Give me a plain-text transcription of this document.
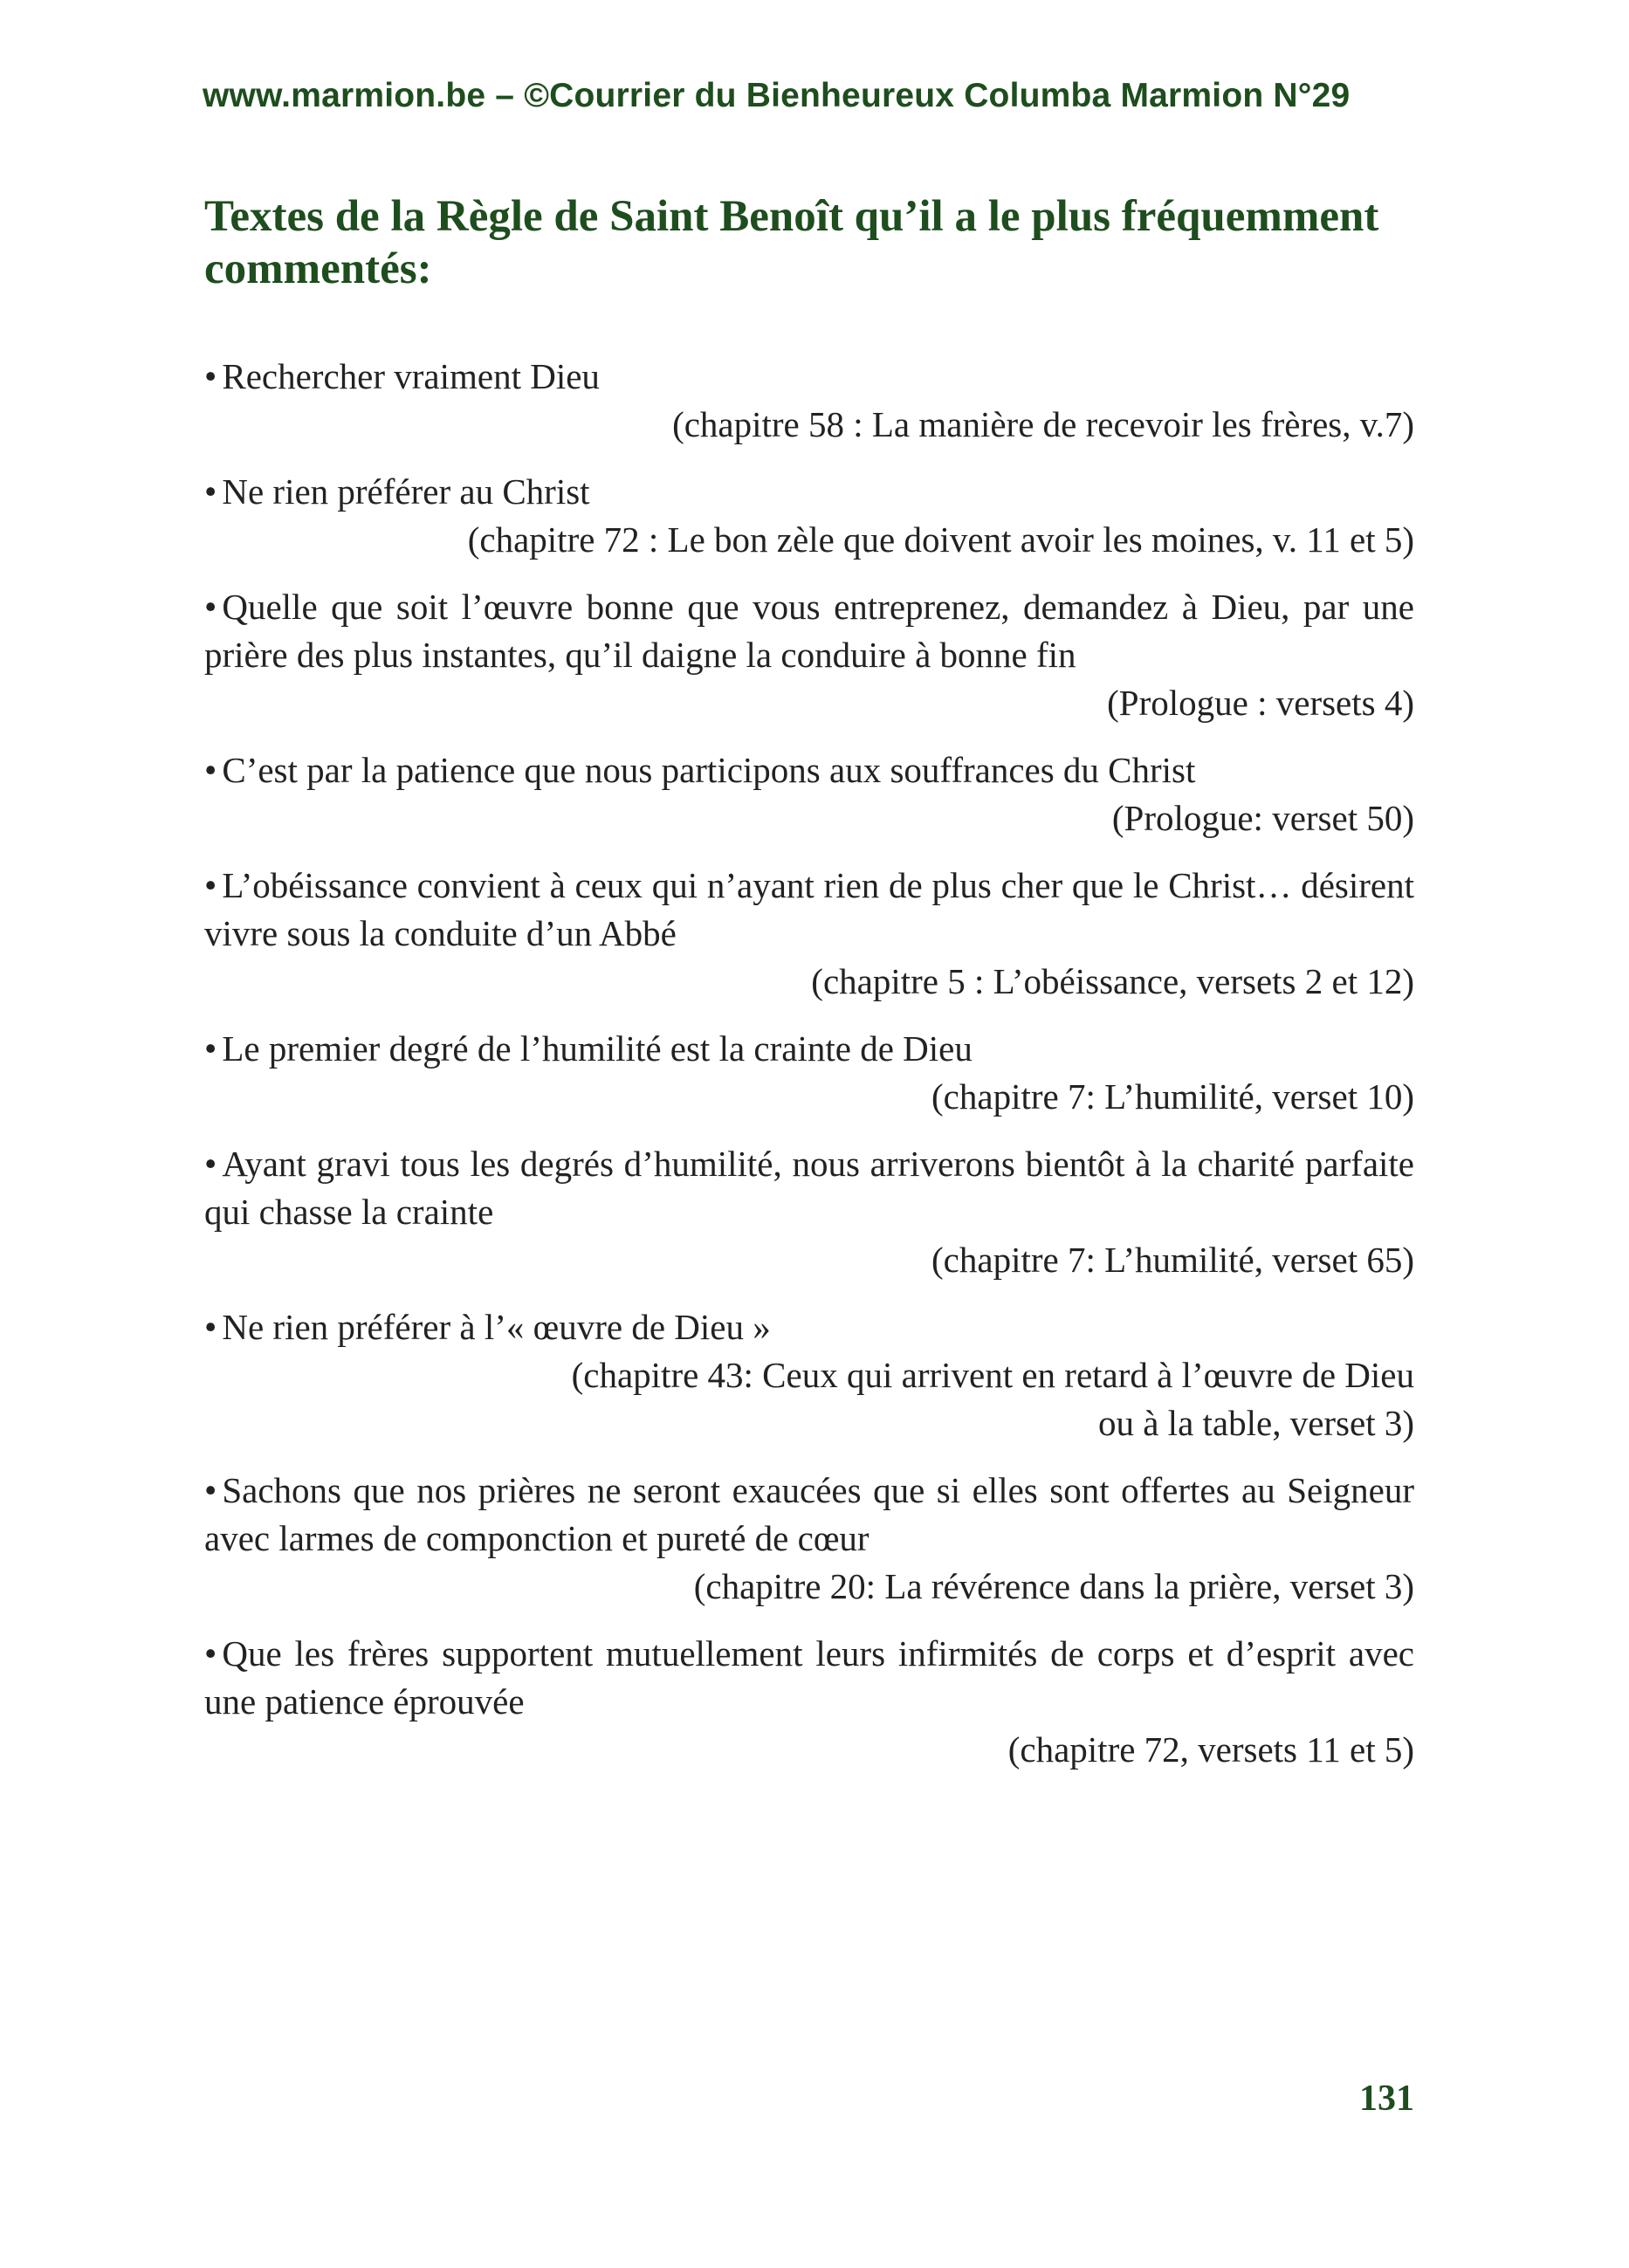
www.marmion.be – ©Courrier du Bienheureux Columba Marmion N°29
Textes de la Règle de Saint Benoît qu’il a le plus fréquemment commentés:

• Rechercher vraiment Dieu

(chapitre 58 : La manière de recevoir les frères, v.7)

• Ne rien préférer au Christ

(chapitre 72 : Le bon zèle que doivent avoir les moines, v. 11 et 5)

• Quelle que soit l’œuvre bonne que vous entreprenez, demandez à Dieu, par une prière des plus instantes, qu’il daigne la conduire à bonne fin

(Prologue : versets 4)

• C’est par la patience que nous participons aux souffrances du Christ

(Prologue: verset 50)

• L’obéissance convient à ceux qui n’ayant rien de plus cher que le Christ… désirent vivre sous la conduite d’un Abbé

(chapitre 5 : L’obéissance, versets 2 et 12)

• Le premier degré de l’humilité est la crainte de Dieu

(chapitre 7: L’humilité, verset 10)

• Ayant gravi tous les degrés d’humilité, nous arriverons bientôt à la charité parfaite qui chasse la crainte

(chapitre 7: L’humilité, verset 65)

• Ne rien préférer à l’« œuvre de Dieu »

(chapitre 43: Ceux qui arrivent en retard à l’œuvre de Dieu

ou à la table, verset 3)

• Sachons que nos prières ne seront exaucées que si elles sont offertes au Seigneur avec larmes de componction et pureté de cœur

(chapitre 20: La révérence dans la prière, verset 3)

• Que les frères supportent mutuellement leurs infirmités de corps et d’esprit avec une patience éprouvée

(chapitre 72, versets 11 et 5)

131
